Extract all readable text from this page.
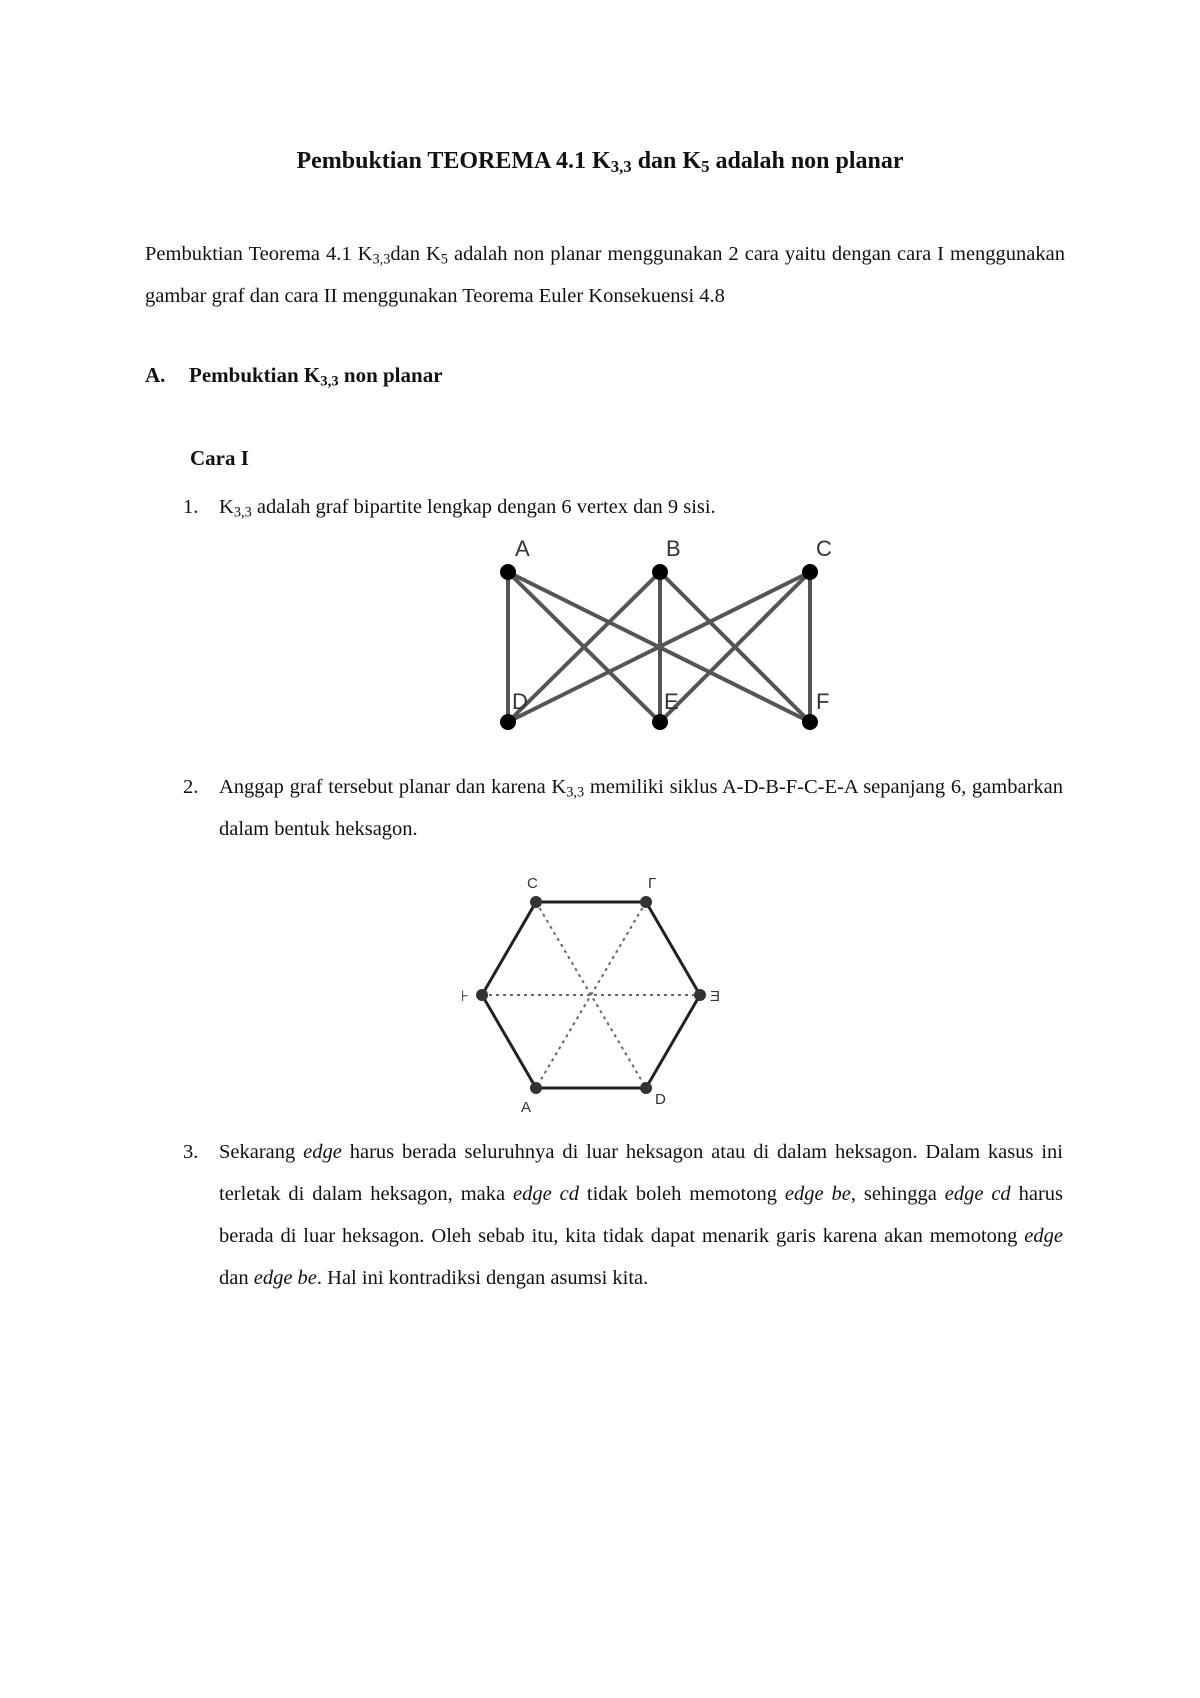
Pembuktian TEOREMA 4.1 $K_{3,3}$ dan $K_5$ adalah non planar
Pembuktian Teorema 4.1 $K_{3,3}dan$ $K_5$ adalah non planar menggunakan 2 cara yaitu dengan cara I menggunakan gambar graf dan cara II menggunakan Teorema Euler Konsekuensi 4.8
A. Pembuktian $K_{3,3}$ non planar
Cara I
1. $K_{3,3}$ adalah graf bipartite lengkap dengan 6 vertex dan 9 sisi.
A	B	C
D	E	F
2. Anggap graf tersebut planar dan karena $K_{3,3}$ memiliki siklus A-D-B-F-C-E-A sepanjang 6, gambarkan dalam bentuk heksagon.
C	Γ
⊦	Ǝ
A	D
3. Sekarang edge harus berada seluruhnya di luar heksagon atau di dalam heksagon. Dalam kasus ini terletak di dalam heksagon, maka edge cd tidak boleh memotong edge be, sehingga edge cd harus berada di luar heksagon. Oleh sebab itu, kita tidak dapat menarik garis karena akan memotong edge dan edge be. Hal ini kontradiksi dengan asumsi kita.
